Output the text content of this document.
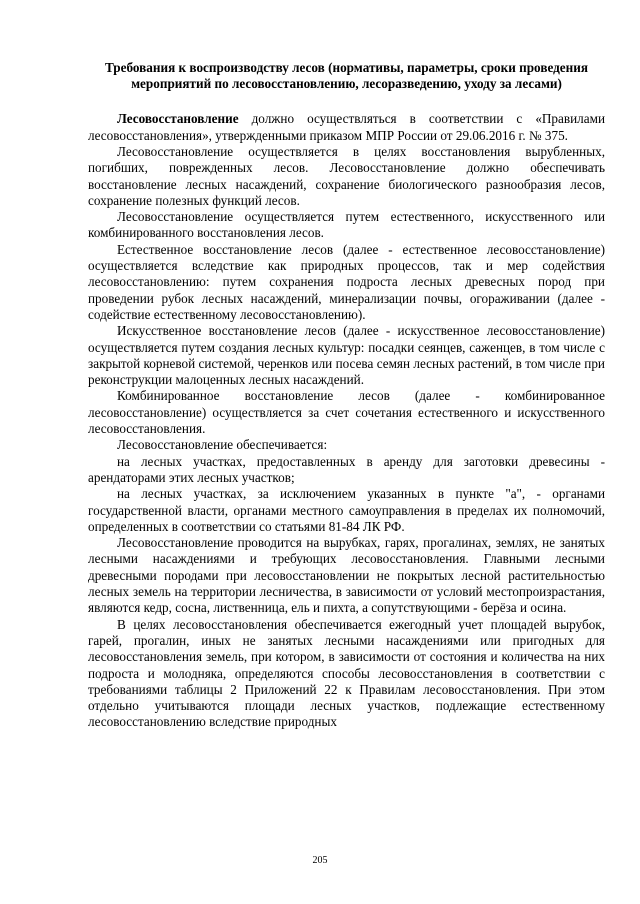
Требования к воспроизводству лесов (нормативы, параметры, сроки проведения мероприятий по лесовосстановлению, лесоразведению, уходу за лесами)

Лесовосстановление должно осуществляться в соответствии с «Правилами лесовосстановления», утвержденными приказом МПР России от 29.06.2016 г. № 375.

Лесовосстановление осуществляется в целях восстановления вырубленных, погибших, поврежденных лесов. Лесовосстановление должно обеспечивать восстановление лесных насаждений, сохранение биологического разнообразия лесов, сохранение полезных функций лесов.

Лесовосстановление осуществляется путем естественного, искусственного или комбинированного восстановления лесов.

Естественное восстановление лесов (далее - естественное лесовосстановление) осуществляется вследствие как природных процессов, так и мер содействия лесовосстановлению: путем сохранения подроста лесных древесных пород при проведении рубок лесных насаждений, минерализации почвы, огораживании (далее - содействие естественному лесовосстановлению).

Искусственное восстановление лесов (далее - искусственное лесовосстановление) осуществляется путем создания лесных культур: посадки сеянцев, саженцев, в том числе с закрытой корневой системой, черенков или посева семян лесных растений, в том числе при реконструкции малоценных лесных насаждений.

Комбинированное восстановление лесов (далее - комбинированное лесовосстановление) осуществляется за счет сочетания естественного и искусственного лесовосстановления.

Лесовосстановление обеспечивается:

на лесных участках, предоставленных в аренду для заготовки древесины - арендаторами этих лесных участков;

на лесных участках, за исключением указанных в пункте "а", - органами государственной власти, органами местного самоуправления в пределах их полномочий, определенных в соответствии со статьями 81-84 ЛК РФ.

Лесовосстановление проводится на вырубках, гарях, прогалинах, землях, не занятых лесными насаждениями и требующих лесовосстановления. Главными лесными древесными породами при лесовосстановлении не покрытых лесной растительностью лесных земель на территории лесничества, в зависимости от условий местопроизрастания, являются кедр, сосна, лиственница, ель и пихта, а сопутствующими - берёза и осина.

В целях лесовосстановления обеспечивается ежегодный учет площадей вырубок, гарей, прогалин, иных не занятых лесными насаждениями или пригодных для лесовосстановления земель, при котором, в зависимости от состояния и количества на них подроста и молодняка, определяются способы лесовосстановления в соответствии с требованиями таблицы 2 Приложений 22 к Правилам лесовосстановления. При этом отдельно учитываются площади лесных участков, подлежащие естественному лесовосстановлению вследствие природных

205
